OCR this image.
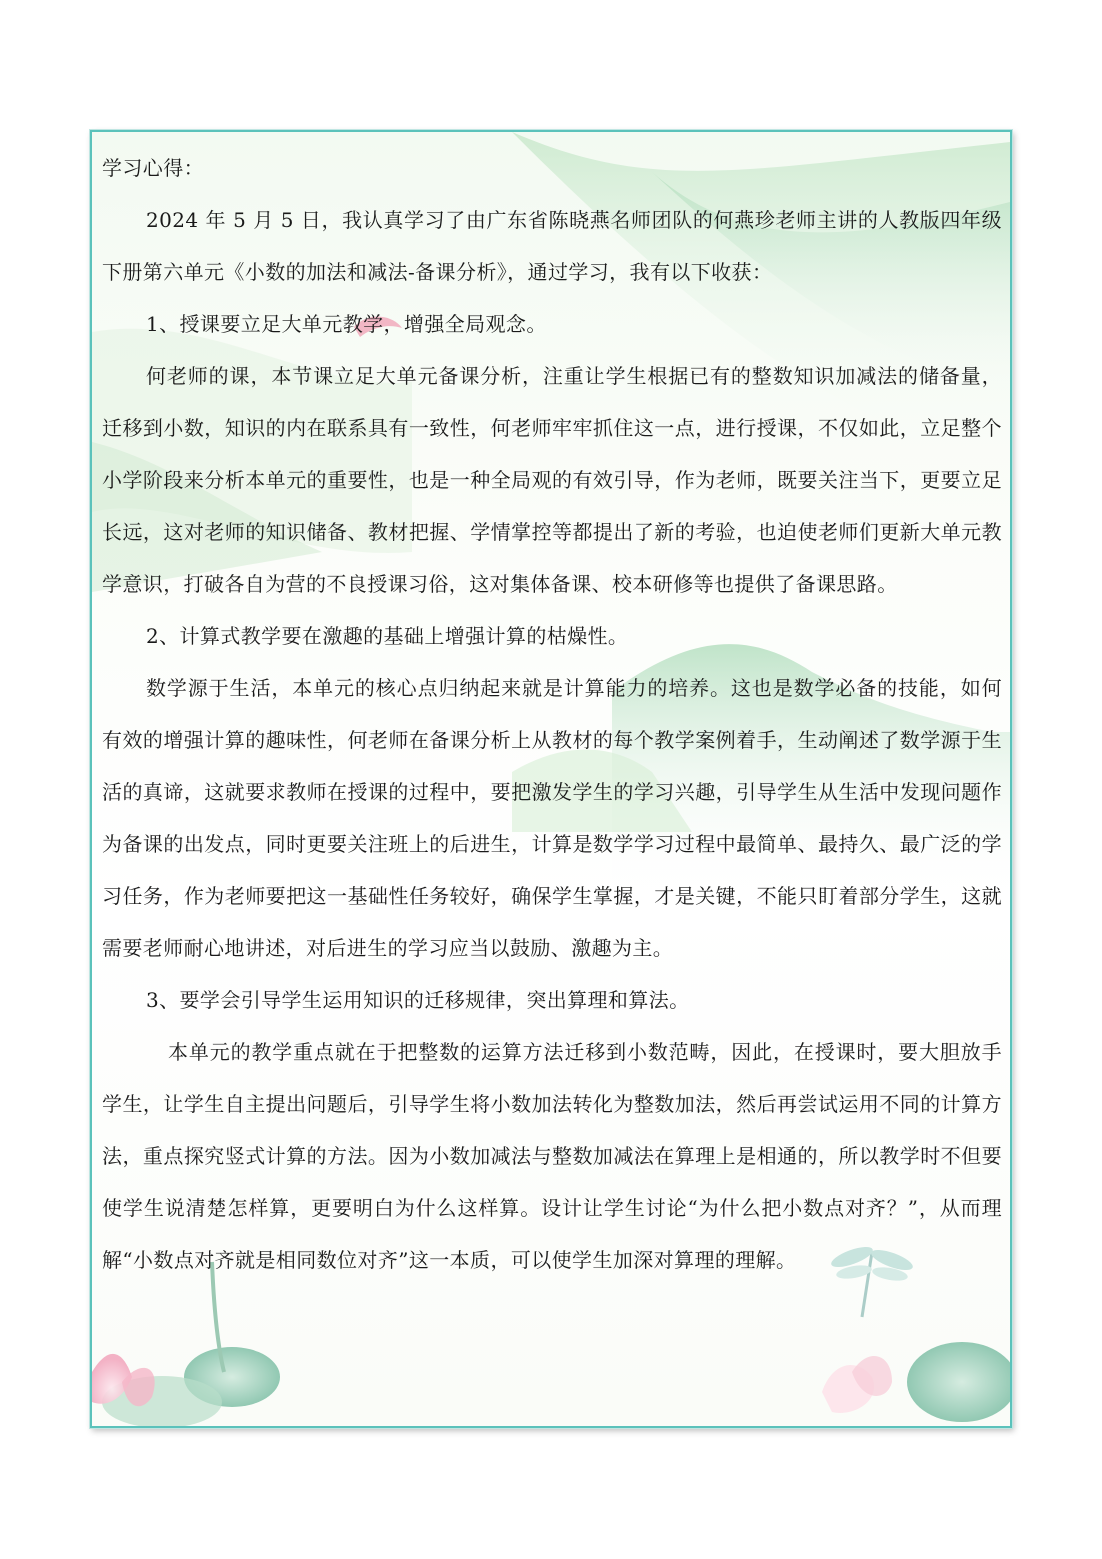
学习心得：

2024 年 5 月 5 日，我认真学习了由广东省陈晓燕名师团队的何燕珍老师主讲的人教版四年级下册第六单元《小数的加法和减法-备课分析》，通过学习，我有以下收获：

1、授课要立足大单元教学，增强全局观念。

何老师的课，本节课立足大单元备课分析，注重让学生根据已有的整数知识加减法的储备量，迁移到小数，知识的内在联系具有一致性，何老师牢牢抓住这一点，进行授课，不仅如此，立足整个小学阶段来分析本单元的重要性，也是一种全局观的有效引导，作为老师，既要关注当下，更要立足长远，这对老师的知识储备、教材把握、学情掌控等都提出了新的考验，也迫使老师们更新大单元教学意识，打破各自为营的不良授课习俗，这对集体备课、校本研修等也提供了备课思路。

2、计算式教学要在激趣的基础上增强计算的枯燥性。

数学源于生活，本单元的核心点归纳起来就是计算能力的培养。这也是数学必备的技能，如何有效的增强计算的趣味性，何老师在备课分析上从教材的每个教学案例着手，生动阐述了数学源于生活的真谛，这就要求教师在授课的过程中，要把激发学生的学习兴趣，引导学生从生活中发现问题作为备课的出发点，同时更要关注班上的后进生，计算是数学学习过程中最简单、最持久、最广泛的学习任务，作为老师要把这一基础性任务较好，确保学生掌握，才是关键，不能只盯着部分学生，这就需要老师耐心地讲述，对后进生的学习应当以鼓励、激趣为主。

3、要学会引导学生运用知识的迁移规律，突出算理和算法。

本单元的教学重点就在于把整数的运算方法迁移到小数范畴，因此，在授课时，要大胆放手学生，让学生自主提出问题后，引导学生将小数加法转化为整数加法，然后再尝试运用不同的计算方法，重点探究竖式计算的方法。因为小数加减法与整数加减法在算理上是相通的，所以教学时不但要使学生说清楚怎样算，更要明白为什么这样算。设计让学生讨论“为什么把小数点对齐？”，从而理解“小数点对齐就是相同数位对齐”这一本质，可以使学生加深对算理的理解。
